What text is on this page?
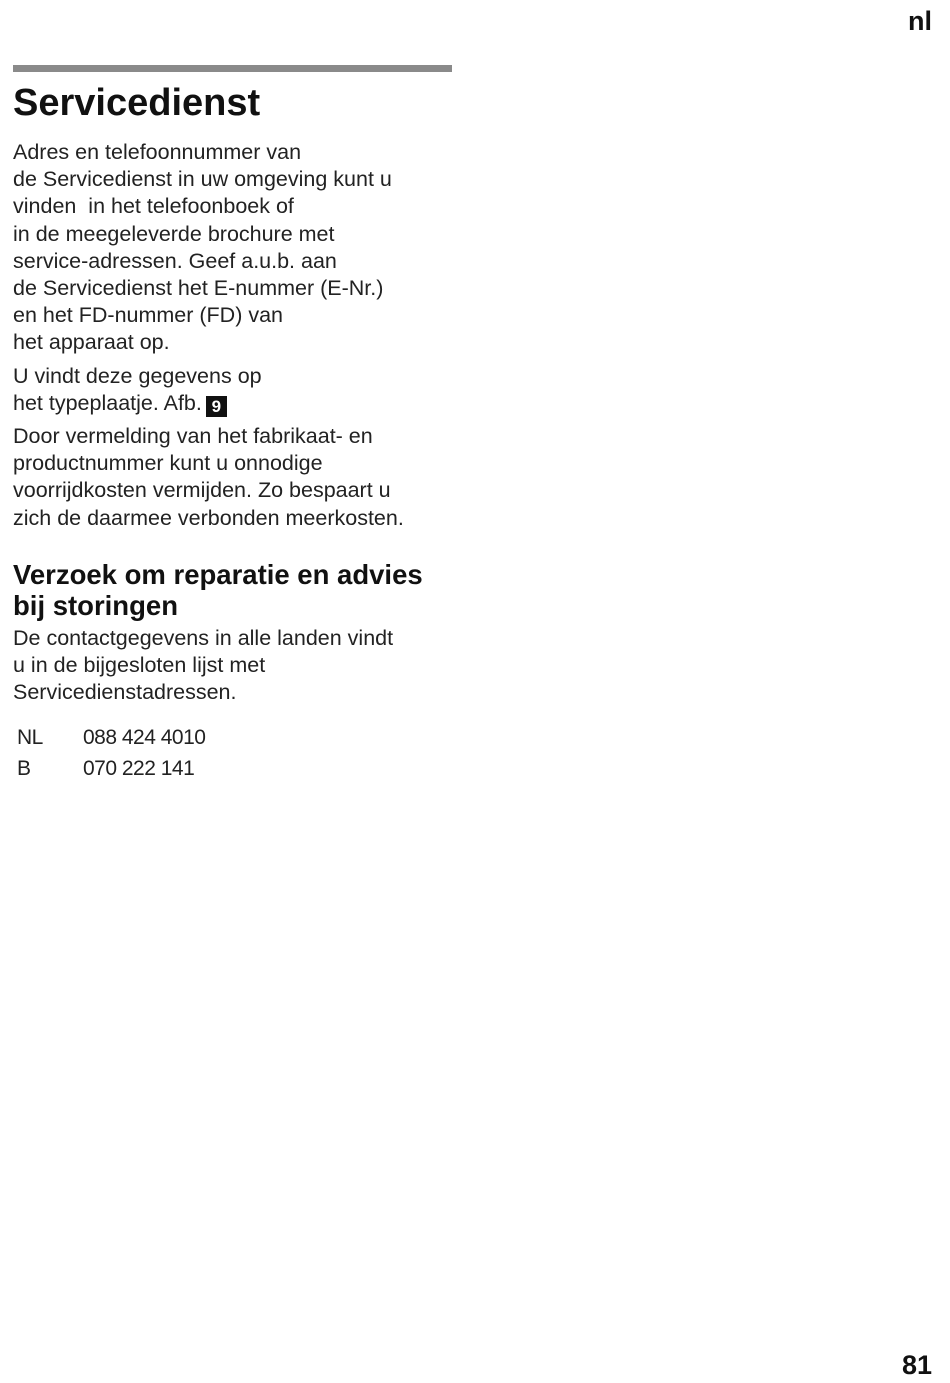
nl
Servicedienst

Adres en telefoonnummer van
de Servicedienst in uw omgeving kunt u
vinden  in het telefoonboek of
in de meegeleverde brochure met
service-adressen. Geef a.u.b. aan
de Servicedienst het E-nummer (E-Nr.)
en het FD-nummer (FD) van
het apparaat op.

U vindt deze gegevens op
het typeplaatje. Afb. 9

Door vermelding van het fabrikaat- en
productnummer kunt u onnodige
voorrijdkosten vermijden. Zo bespaart u
zich de daarmee verbonden meerkosten.

Verzoek om reparatie en advies
bij storingen

De contactgegevens in alle landen vindt
u in de bijgesloten lijst met
Servicedienstadressen.

NL	088 424 4010
B	070 222 141
81
